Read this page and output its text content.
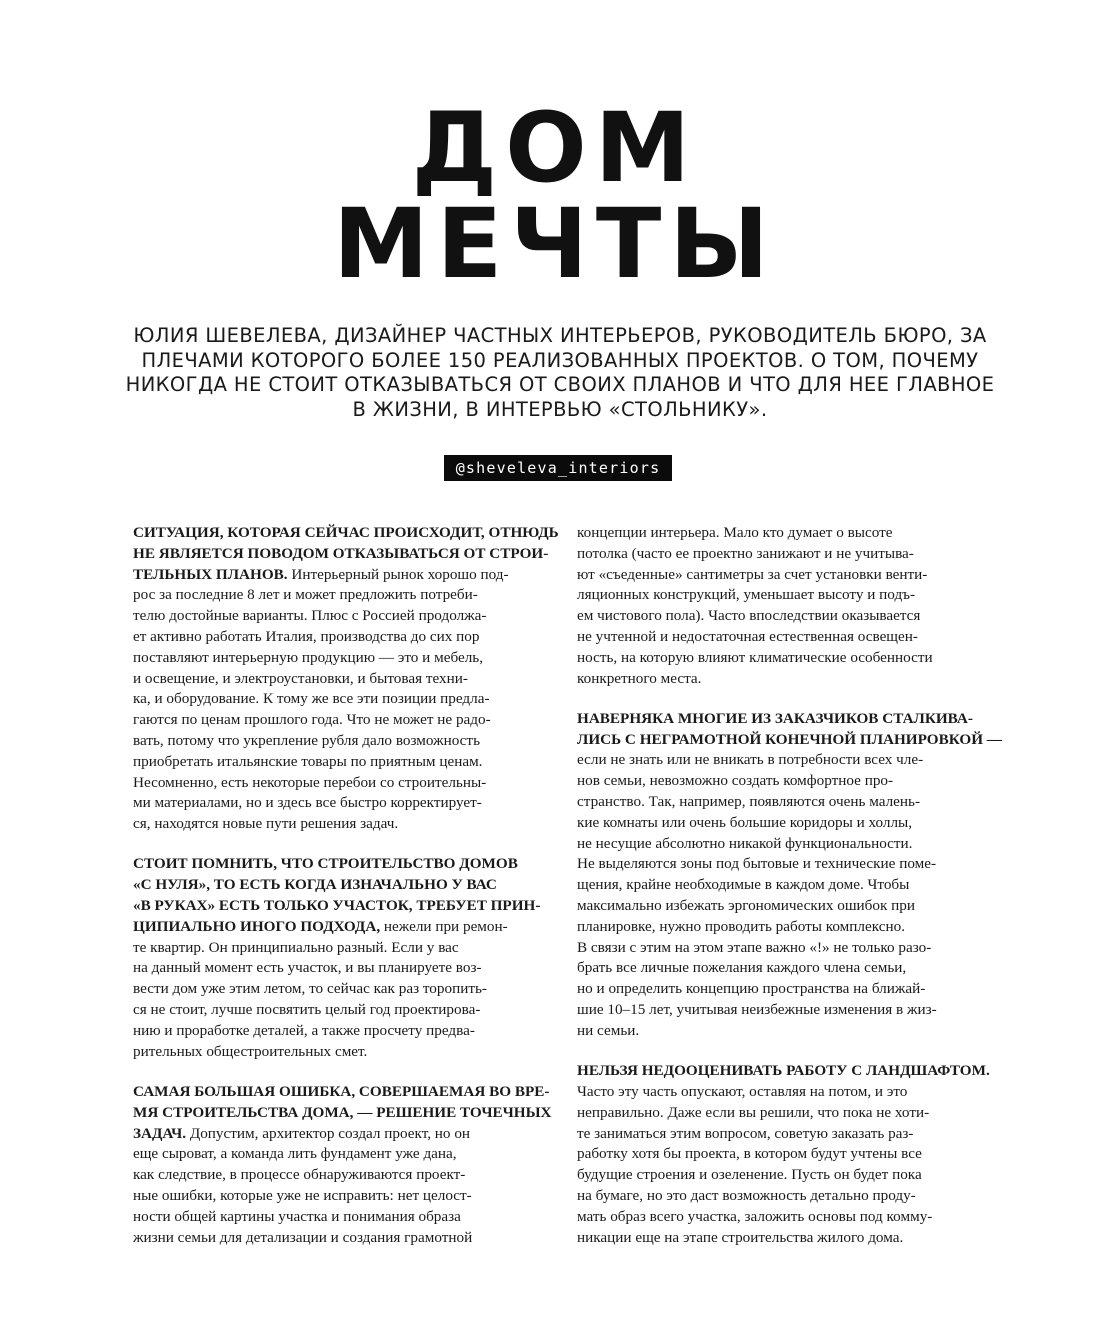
ДОМ
МЕЧТЫ
ЮЛИЯ ШЕВЕЛЕВА, ДИЗАЙНЕР ЧАСТНЫХ ИНТЕРЬЕРОВ, РУКОВОДИТЕЛЬ БЮРО, ЗА
ПЛЕЧАМИ КОТОРОГО БОЛЕЕ 150 РЕАЛИЗОВАННЫХ ПРОЕКТОВ. О ТОМ, ПОЧЕМУ
НИКОГДА НЕ СТОИТ ОТКАЗЫВАТЬСЯ ОТ СВОИХ ПЛАНОВ И ЧТО ДЛЯ НЕЕ ГЛАВНОЕ
В ЖИЗНИ, В ИНТЕРВЬЮ «СТОЛЬНИКУ».
@sheveleva_interiors

СИТУАЦИЯ, КОТОРАЯ СЕЙЧАС ПРОИСХОДИТ, ОТНЮДЬ
НЕ ЯВЛЯЕТСЯ ПОВОДОМ ОТКАЗЫВАТЬСЯ ОТ СТРОИ-
ТЕЛЬНЫХ ПЛАНОВ. Интерьерный рынок хорошо под-
рос за последние 8 лет и может предложить потреби-
телю достойные варианты. Плюс с Россией продолжа-
ет активно работать Италия, производства до сих пор
поставляют интерьерную продукцию — это и мебель,
и освещение, и электроустановки, и бытовая техни-
ка, и оборудование. К тому же все эти позиции предла-
гаются по ценам прошлого года. Что не может не радо-
вать, потому что укрепление рубля дало возможность
приобретать итальянские товары по приятным ценам.
Несомненно, есть некоторые перебои со строительны-
ми материалами, но и здесь все быстро корректирует-
ся, находятся новые пути решения задач.

СТОИТ ПОМНИТЬ, ЧТО СТРОИТЕЛЬСТВО ДОМОВ
«С НУЛЯ», ТО ЕСТЬ КОГДА ИЗНАЧАЛЬНО У ВАС
«В РУКАХ» ЕСТЬ ТОЛЬКО УЧАСТОК, ТРЕБУЕТ ПРИН-
ЦИПИАЛЬНО ИНОГО ПОДХОДА, нежели при ремон-
те квартир. Он принципиально разный. Если у вас
на данный момент есть участок, и вы планируете воз-
вести дом уже этим летом, то сейчас как раз торопить-
ся не стоит, лучше посвятить целый год проектирова-
нию и проработке деталей, а также просчету предва-
рительных общестроительных смет.

САМАЯ БОЛЬШАЯ ОШИБКА, СОВЕРШАЕМАЯ ВО ВРЕ-
МЯ СТРОИТЕЛЬСТВА ДОМА, — РЕШЕНИЕ ТОЧЕЧНЫХ
ЗАДАЧ. Допустим, архитектор создал проект, но он
еще сыроват, а команда лить фундамент уже дана,
как следствие, в процессе обнаруживаются проект-
ные ошибки, которые уже не исправить: нет целост-
ности общей картины участка и понимания образа
жизни семьи для детализации и создания грамотной

концепции интерьера. Мало кто думает о высоте
потолка (часто ее проектно занижают и не учитыва-
ют «съеденные» сантиметры за счет установки венти-
ляционных конструкций, уменьшает высоту и подъ-
ем чистового пола). Часто впоследствии оказывается
не учтенной и недостаточная естественная освещен-
ность, на которую влияют климатические особенности
конкретного места.

НАВЕРНЯКА МНОГИЕ ИЗ ЗАКАЗЧИКОВ СТАЛКИВА-
ЛИСЬ С НЕГРАМОТНОЙ КОНЕЧНОЙ ПЛАНИРОВКОЙ —
если не знать или не вникать в потребности всех чле-
нов семьи, невозможно создать комфортное про-
странство. Так, например, появляются очень малень-
кие комнаты или очень большие коридоры и холлы,
не несущие абсолютно никакой функциональности.
Не выделяются зоны под бытовые и технические поме-
щения, крайне необходимые в каждом доме. Чтобы
максимально избежать эргономических ошибок при
планировке, нужно проводить работы комплексно.
В связи с этим на этом этапе важно «!» не только разо-
брать все личные пожелания каждого члена семьи,
но и определить концепцию пространства на ближай-
шие 10–15 лет, учитывая неизбежные изменения в жиз-
ни семьи.

НЕЛЬЗЯ НЕДООЦЕНИВАТЬ РАБОТУ С ЛАНДШАФТОМ.
Часто эту часть опускают, оставляя на потом, и это
неправильно. Даже если вы решили, что пока не хоти-
те заниматься этим вопросом, советую заказать раз-
работку хотя бы проекта, в котором будут учтены все
будущие строения и озеленение. Пусть он будет пока
на бумаге, но это даст возможность детально проду-
мать образ всего участка, заложить основы под комму-
никации еще на этапе строительства жилого дома.
